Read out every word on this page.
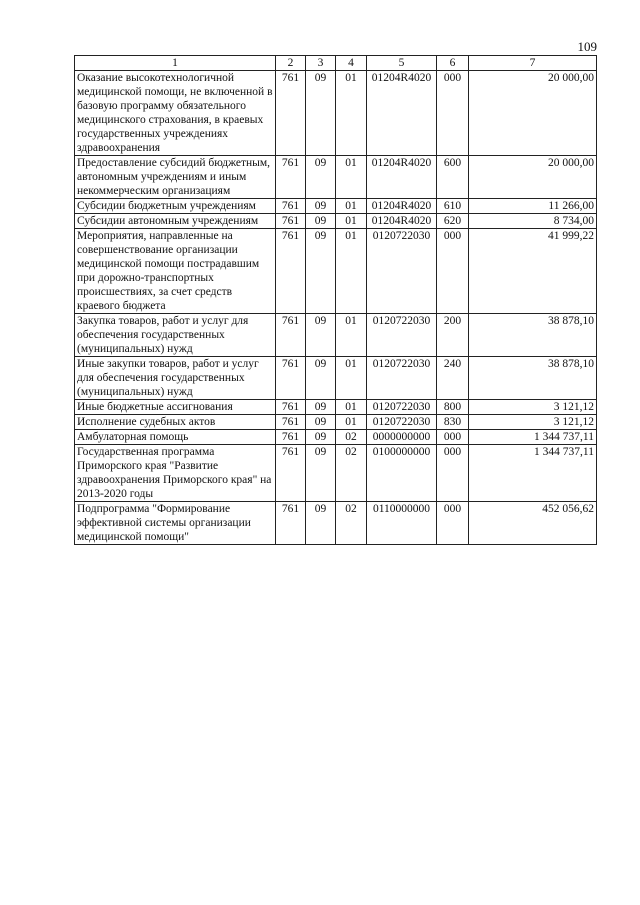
109
1	2	3	4	5	6	7
Оказание высокотехнологичной медицинской помощи, не включенной в базовую программу обязательного медицинского страхования, в краевых государственных учреждениях здравоохранения	761	09	01	01204R4020	000	20 000,00
Предоставление субсидий бюджетным, автономным учреждениям и иным некоммерческим организациям	761	09	01	01204R4020	600	20 000,00
Субсидии бюджетным учреждениям	761	09	01	01204R4020	610	11 266,00
Субсидии автономным учреждениям	761	09	01	01204R4020	620	8 734,00
Мероприятия, направленные на совершенствование организации медицинской помощи пострадавшим при дорожно-транспортных происшествиях, за счет средств краевого бюджета	761	09	01	0120722030	000	41 999,22
Закупка товаров, работ и услуг для обеспечения государственных (муниципальных) нужд	761	09	01	0120722030	200	38 878,10
Иные закупки товаров, работ и услуг для обеспечения государственных (муниципальных) нужд	761	09	01	0120722030	240	38 878,10
Иные бюджетные ассигнования	761	09	01	0120722030	800	3 121,12
Исполнение судебных актов	761	09	01	0120722030	830	3 121,12
Амбулаторная помощь	761	09	02	0000000000	000	1 344 737,11
Государственная программа Приморского края "Развитие здравоохранения Приморского края" на 2013-2020 годы	761	09	02	0100000000	000	1 344 737,11
Подпрограмма "Формирование эффективной системы организации медицинской помощи"	761	09	02	0110000000	000	452 056,62
